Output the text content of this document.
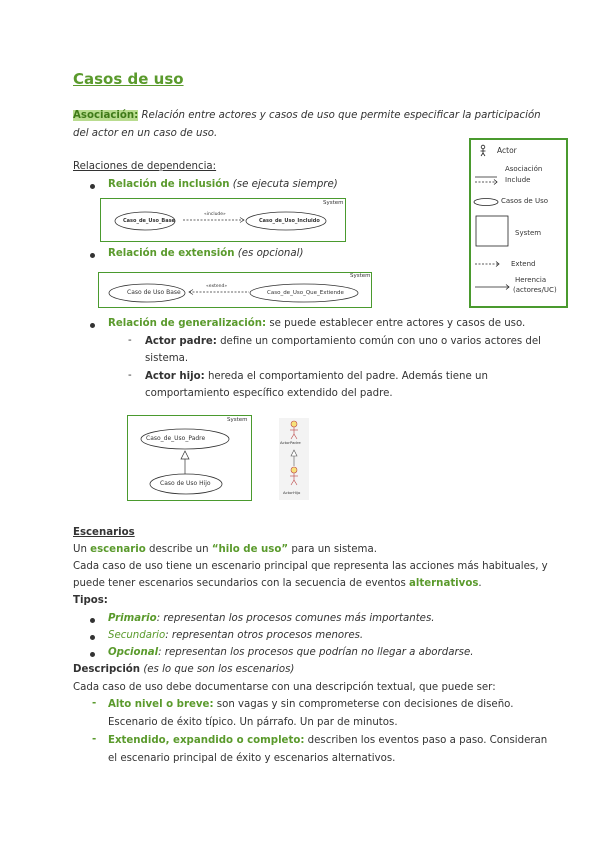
Casos de uso
Asociación: Relación entre actores y casos de uso que permite especificar la participación
del actor en un caso de uso.
Actor
Asociación
Include
Casos de Uso
System
Extend
Herencia
(actores/UC)
Relaciones de dependencia:
Relación de inclusión (se ejecuta siempre)
System
Caso_de_Uso_Base
«include»
Caso_de_Uso_Incluido
Relación de extensión (es opcional)
System
Caso de Uso Base
«extend»
Caso_de_Uso_Que_Extiende
Relación de generalización: se puede establecer entre actores y casos de uso.
- Actor padre: define un comportamiento común con uno o varios actores del
sistema.
- Actor hijo: hereda el comportamiento del padre. Además tiene un
comportamiento específico extendido del padre.
System
Caso_de_Uso_Padre
Caso de Uso Hijo
ActorPadre
ActorHijo
Escenarios
Un escenario describe un “hilo de uso” para un sistema.
Cada caso de uso tiene un escenario principal que representa las acciones más habituales, y
puede tener escenarios secundarios con la secuencia de eventos alternativos.
Tipos:
Primario: representan los procesos comunes más importantes.
Secundario: representan otros procesos menores.
Opcional: representan los procesos que podrían no llegar a abordarse.
Descripción (es lo que son los escenarios)
Cada caso de uso debe documentarse con una descripción textual, que puede ser:
- Alto nivel o breve: son vagas y sin comprometerse con decisiones de diseño.
Escenario de éxito típico. Un párrafo. Un par de minutos.
- Extendido, expandido o completo: describen los eventos paso a paso. Consideran
el escenario principal de éxito y escenarios alternativos.
